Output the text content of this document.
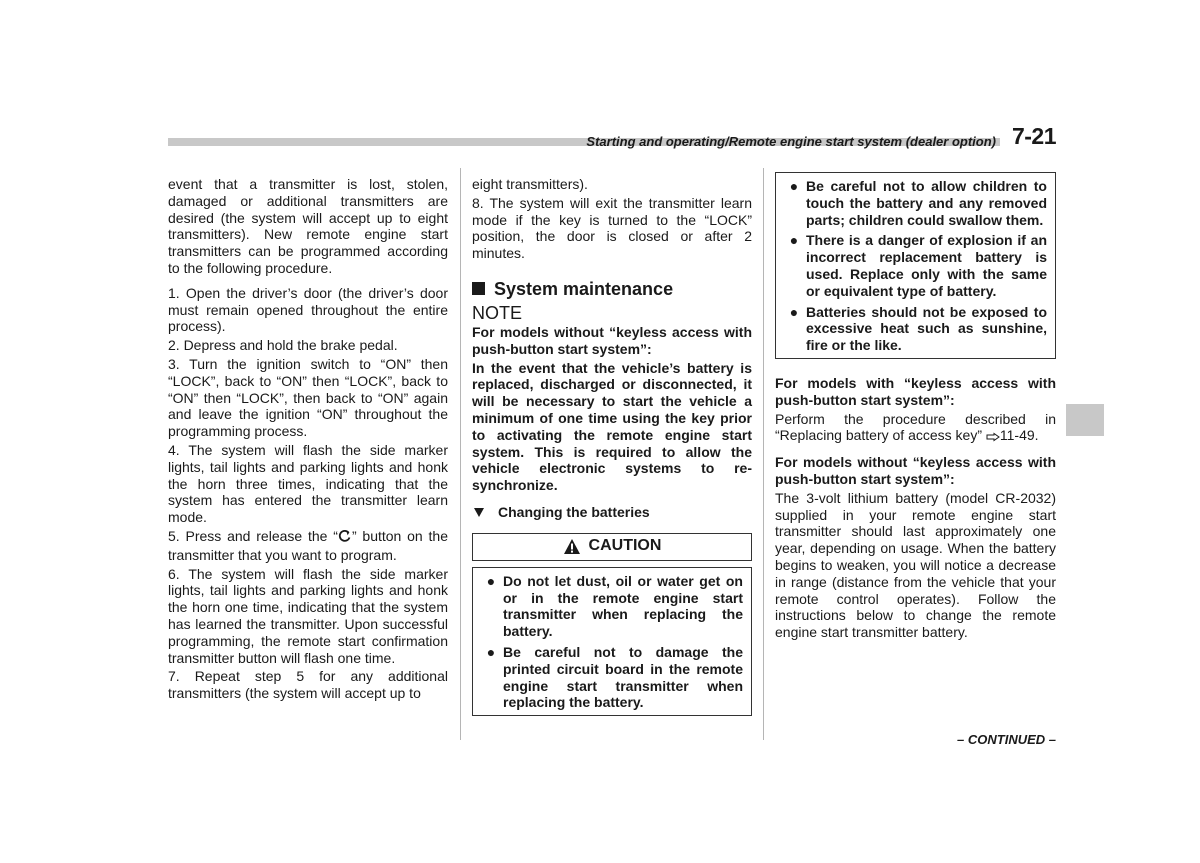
Starting and operating/Remote engine start system (dealer option) 7-21

event that a transmitter is lost, stolen, damaged or additional transmitters are desired (the system will accept up to eight transmitters). New remote engine start transmitters can be programmed according to the following procedure.

1. Open the driver’s door (the driver’s door must remain opened throughout the entire process).

2. Depress and hold the brake pedal.

3. Turn the ignition switch to “ON” then “LOCK”, back to “ON” then “LOCK”, back to “ON” then “LOCK”, then back to “ON” again and leave the ignition “ON” throughout the programming process.

4. The system will flash the side marker lights, tail lights and parking lights and honk the horn three times, indicating that the system has entered the transmitter learn mode.

5. Press and release the “ ” button on the transmitter that you want to program.

6. The system will flash the side marker lights, tail lights and parking lights and honk the horn one time, indicating that the system has learned the transmitter. Upon successful programming, the remote start confirmation transmitter button will flash one time.

7. Repeat step 5 for any additional transmitters (the system will accept up to

eight transmitters).

8. The system will exit the transmitter learn mode if the key is turned to the “LOCK” position, the door is closed or after 2 minutes.

System maintenance
NOTE

For models without “keyless access with push-button start system”:

In the event that the vehicle’s battery is replaced, discharged or disconnected, it will be necessary to start the vehicle a minimum of one time using the key prior to activating the remote engine start system. This is required to allow the vehicle electronic systems to re-synchronize.

Changing the batteries
CAUTION
● Do not let dust, oil or water get on or in the remote engine start transmitter when replacing the battery.
● Be careful not to damage the printed circuit board in the remote engine start transmitter when replacing the battery.
● Be careful not to allow children to touch the battery and any removed parts; children could swallow them.
● There is a danger of explosion if an incorrect replacement battery is used. Replace only with the same or equivalent type of battery.
● Batteries should not be exposed to excessive heat such as sunshine, fire or the like.

For models with “keyless access with push-button start system”:

Perform the procedure described in “Replacing battery of access key” 11-49.

For models without “keyless access with push-button start system”:

The 3-volt lithium battery (model CR-2032) supplied in your remote engine start transmitter should last approximately one year, depending on usage. When the battery begins to weaken, you will notice a decrease in range (distance from the vehicle that your remote control operates). Follow the instructions below to change the remote engine start transmitter battery.

– CONTINUED –
